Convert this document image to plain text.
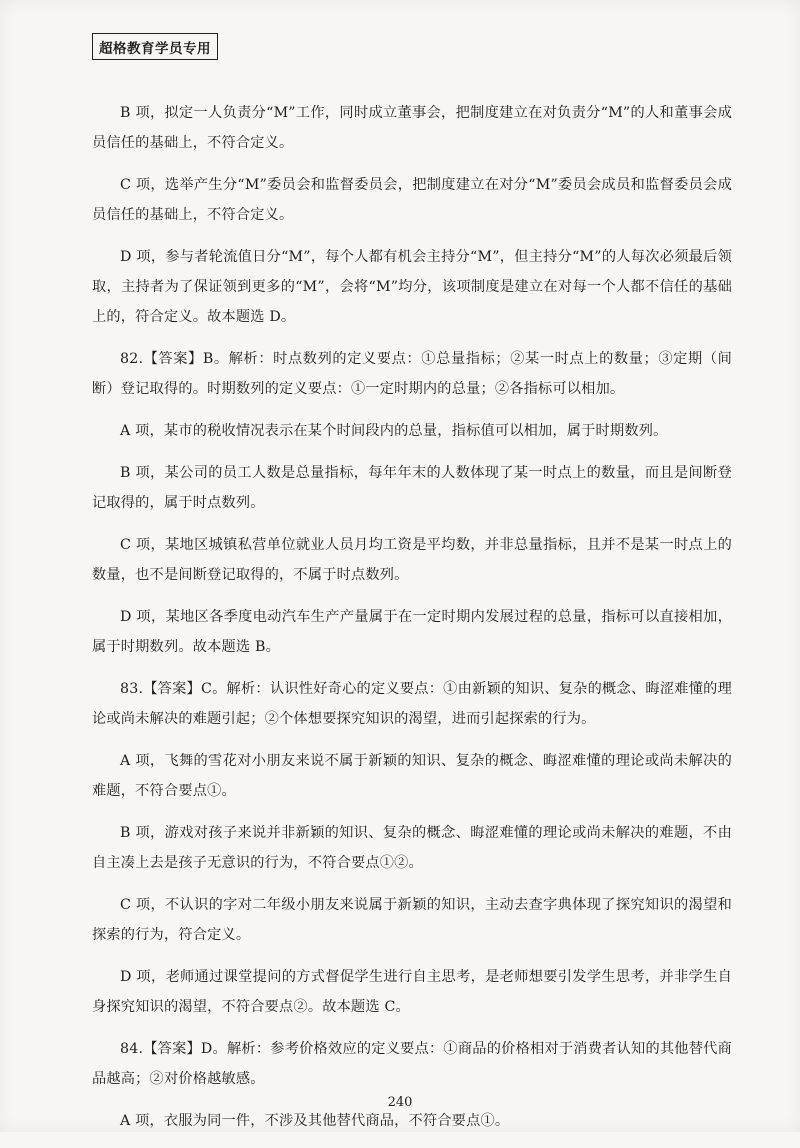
超格教育学员专用

B 项，拟定一人负责分“M”工作，同时成立董事会，把制度建立在对负责分“M”的人和董事会成员信任的基础上，不符合定义。

C 项，选举产生分“M”委员会和监督委员会，把制度建立在对分“M”委员会成员和监督委员会成员信任的基础上，不符合定义。

D 项，参与者轮流值日分“M”，每个人都有机会主持分“M”，但主持分“M”的人每次必须最后领取，主持者为了保证领到更多的“M”，会将“M”均分，该项制度是建立在对每一个人都不信任的基础上的，符合定义。故本题选 D。

82.【答案】B。解析：时点数列的定义要点：①总量指标；②某一时点上的数量；③定期（间断）登记取得的。时期数列的定义要点：①一定时期内的总量；②各指标可以相加。

A 项，某市的税收情况表示在某个时间段内的总量，指标值可以相加，属于时期数列。

B 项，某公司的员工人数是总量指标，每年年末的人数体现了某一时点上的数量，而且是间断登记取得的，属于时点数列。

C 项，某地区城镇私营单位就业人员月均工资是平均数，并非总量指标，且并不是某一时点上的数量，也不是间断登记取得的，不属于时点数列。

D 项，某地区各季度电动汽车生产产量属于在一定时期内发展过程的总量，指标可以直接相加，属于时期数列。故本题选 B。

83.【答案】C。解析：认识性好奇心的定义要点：①由新颖的知识、复杂的概念、晦涩难懂的理论或尚未解决的难题引起；②个体想要探究知识的渴望，进而引起探索的行为。

A 项，飞舞的雪花对小朋友来说不属于新颖的知识、复杂的概念、晦涩难懂的理论或尚未解决的难题，不符合要点①。

B 项，游戏对孩子来说并非新颖的知识、复杂的概念、晦涩难懂的理论或尚未解决的难题，不由自主凑上去是孩子无意识的行为，不符合要点①②。

C 项，不认识的字对二年级小朋友来说属于新颖的知识，主动去查字典体现了探究知识的渴望和探索的行为，符合定义。

D 项，老师通过课堂提问的方式督促学生进行自主思考，是老师想要引发学生思考，并非学生自身探究知识的渴望，不符合要点②。故本题选 C。

84.【答案】D。解析：参考价格效应的定义要点：①商品的价格相对于消费者认知的其他替代商品越高；②对价格越敏感。

A 项，衣服为同一件，不涉及其他替代商品，不符合要点①。

240
